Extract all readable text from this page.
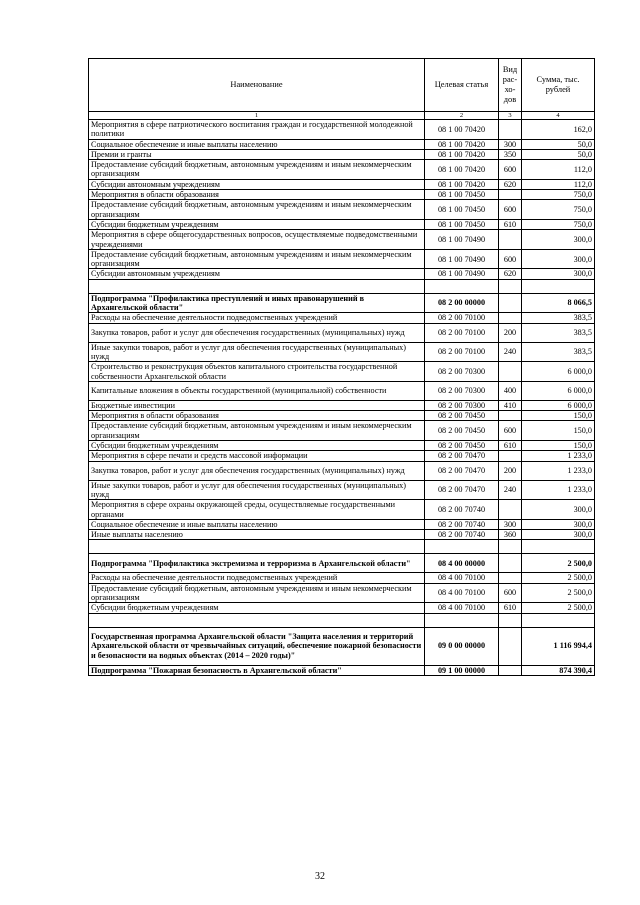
Наименование	Целевая статья	Вид рас- хо- дов	Сумма, тыс. рублей
1	2	3	4
Мероприятия в сфере патриотического воспитания граждан и государственной молодежной политики	08 1 00 70420		162,0
Социальное обеспечение и иные выплаты населению	08 1 00 70420	300	50,0
Премии и гранты	08 1 00 70420	350	50,0
Предоставление субсидий бюджетным, автономным учреждениям и иным некоммерческим организациям	08 1 00 70420	600	112,0
Субсидии автономным учреждениям	08 1 00 70420	620	112,0
Мероприятия в области образования	08 1 00 70450		750,0
Предоставление субсидий бюджетным, автономным учреждениям и иным некоммерческим организациям	08 1 00 70450	600	750,0
Субсидии бюджетным учреждениям	08 1 00 70450	610	750,0
Мероприятия в сфере общегосударственных вопросов, осуществляемые подведомственными учреждениями	08 1 00 70490		300,0
Предоставление субсидий бюджетным, автономным учреждениям и иным некоммерческим организациям	08 1 00 70490	600	300,0
Субсидии автономным учреждениям	08 1 00 70490	620	300,0

Подпрограмма "Профилактика преступлений и иных правонарушений в Архангельской области"	08 2 00 00000		8 066,5
Расходы на обеспечение деятельности подведомственных учреждений	08 2 00 70100		383,5
Закупка товаров, работ и услуг для обеспечения государственных (муниципальных) нужд	08 2 00 70100	200	383,5
Иные закупки товаров, работ и услуг для обеспечения государственных (муниципальных) нужд	08 2 00 70100	240	383,5
Строительство и реконструкция объектов капитального строительства государственной собственности Архангельской области	08 2 00 70300		6 000,0
Капитальные вложения в объекты государственной (муниципальной) собственности	08 2 00 70300	400	6 000,0
Бюджетные инвестиции	08 2 00 70300	410	6 000,0
Мероприятия в области образования	08 2 00 70450		150,0
Предоставление субсидий бюджетным, автономным учреждениям и иным некоммерческим организациям	08 2 00 70450	600	150,0
Субсидии бюджетным учреждениям	08 2 00 70450	610	150,0
Мероприятия в сфере печати и средств массовой информации	08 2 00 70470		1 233,0
Закупка товаров, работ и услуг для обеспечения государственных (муниципальных) нужд	08 2 00 70470	200	1 233,0
Иные закупки товаров, работ и услуг для обеспечения государственных (муниципальных) нужд	08 2 00 70470	240	1 233,0
Мероприятия в сфере охраны окружающей среды, осуществляемые государственными органами	08 2 00 70740		300,0
Социальное обеспечение и иные выплаты населению	08 2 00 70740	300	300,0
Иные выплаты населению	08 2 00 70740	360	300,0

Подпрограмма "Профилактика экстремизма и терроризма в Архангельской области"	08 4 00 00000		2 500,0
Расходы на обеспечение деятельности подведомственных учреждений	08 4 00 70100		2 500,0
Предоставление субсидий бюджетным, автономным учреждениям и иным некоммерческим организациям	08 4 00 70100	600	2 500,0
Субсидии бюджетным учреждениям	08 4 00 70100	610	2 500,0

Государственная программа Архангельской области "Защита населения и территорий Архангельской области от чрезвычайных ситуаций, обеспечение пожарной безопасности и безопасности на водных объектах (2014 – 2020 годы)"	09 0 00 00000		1 116 994,4
Подпрограмма "Пожарная безопасность в Архангельской области"	09 1 00 00000		874 390,4
32
